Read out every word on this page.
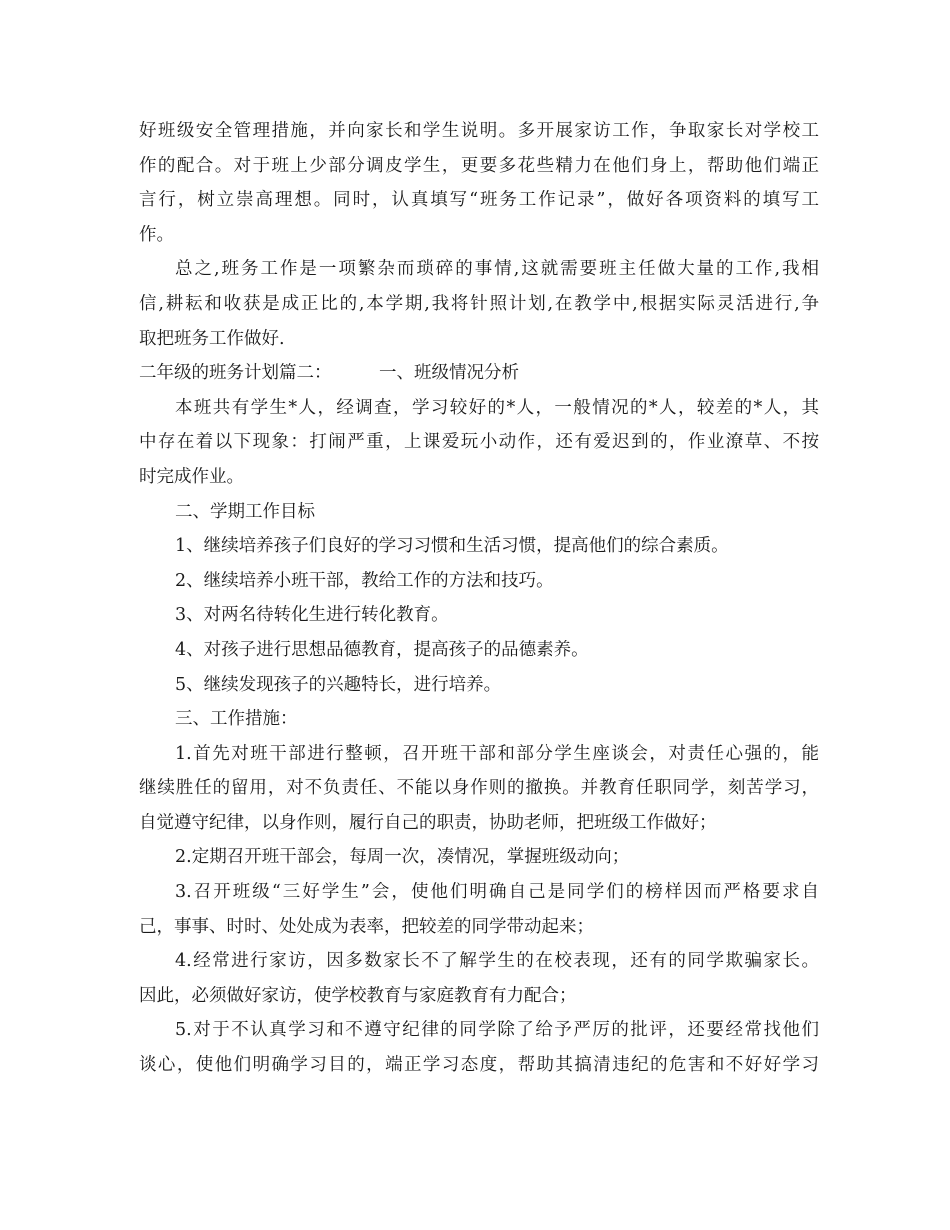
好班级安全管理措施，并向家长和学生说明。多开展家访工作，争取家长对学校工
作的配合。对于班上少部分调皮学生，更要多花些精力在他们身上，帮助他们端正
言行，树立崇高理想。同时，认真填写“班务工作记录”，做好各项资料的填写工
作。
总之,班务工作是一项繁杂而琐碎的事情,这就需要班主任做大量的工作,我相
信,耕耘和收获是成正比的,本学期,我将针照计划,在教学中,根据实际灵活进行,争
取把班务工作做好.
二年级的班务计划篇二：	一、班级情况分析
本班共有学生*人，经调查，学习较好的*人，一般情况的*人，较差的*人，其
中存在着以下现象：打闹严重，上课爱玩小动作，还有爱迟到的，作业潦草、不按
时完成作业。
二、学期工作目标
1、继续培养孩子们良好的学习习惯和生活习惯，提高他们的综合素质。
2、继续培养小班干部，教给工作的方法和技巧。
3、对两名待转化生进行转化教育。
4、对孩子进行思想品德教育，提高孩子的品德素养。
5、继续发现孩子的兴趣特长，进行培养。
三、工作措施：
1.首先对班干部进行整顿，召开班干部和部分学生座谈会，对责任心强的，能
继续胜任的留用，对不负责任、不能以身作则的撤换。并教育任职同学，刻苦学习，
自觉遵守纪律，以身作则，履行自己的职责，协助老师，把班级工作做好；
2.定期召开班干部会，每周一次，凑情况，掌握班级动向；
3.召开班级“三好学生”会，使他们明确自己是同学们的榜样因而严格要求自
己，事事、时时、处处成为表率，把较差的同学带动起来；
4.经常进行家访，因多数家长不了解学生的在校表现，还有的同学欺骗家长。
因此，必须做好家访，使学校教育与家庭教育有力配合；
5.对于不认真学习和不遵守纪律的同学除了给予严厉的批评，还要经常找他们
谈心，使他们明确学习目的，端正学习态度，帮助其搞清违纪的危害和不好好学习
